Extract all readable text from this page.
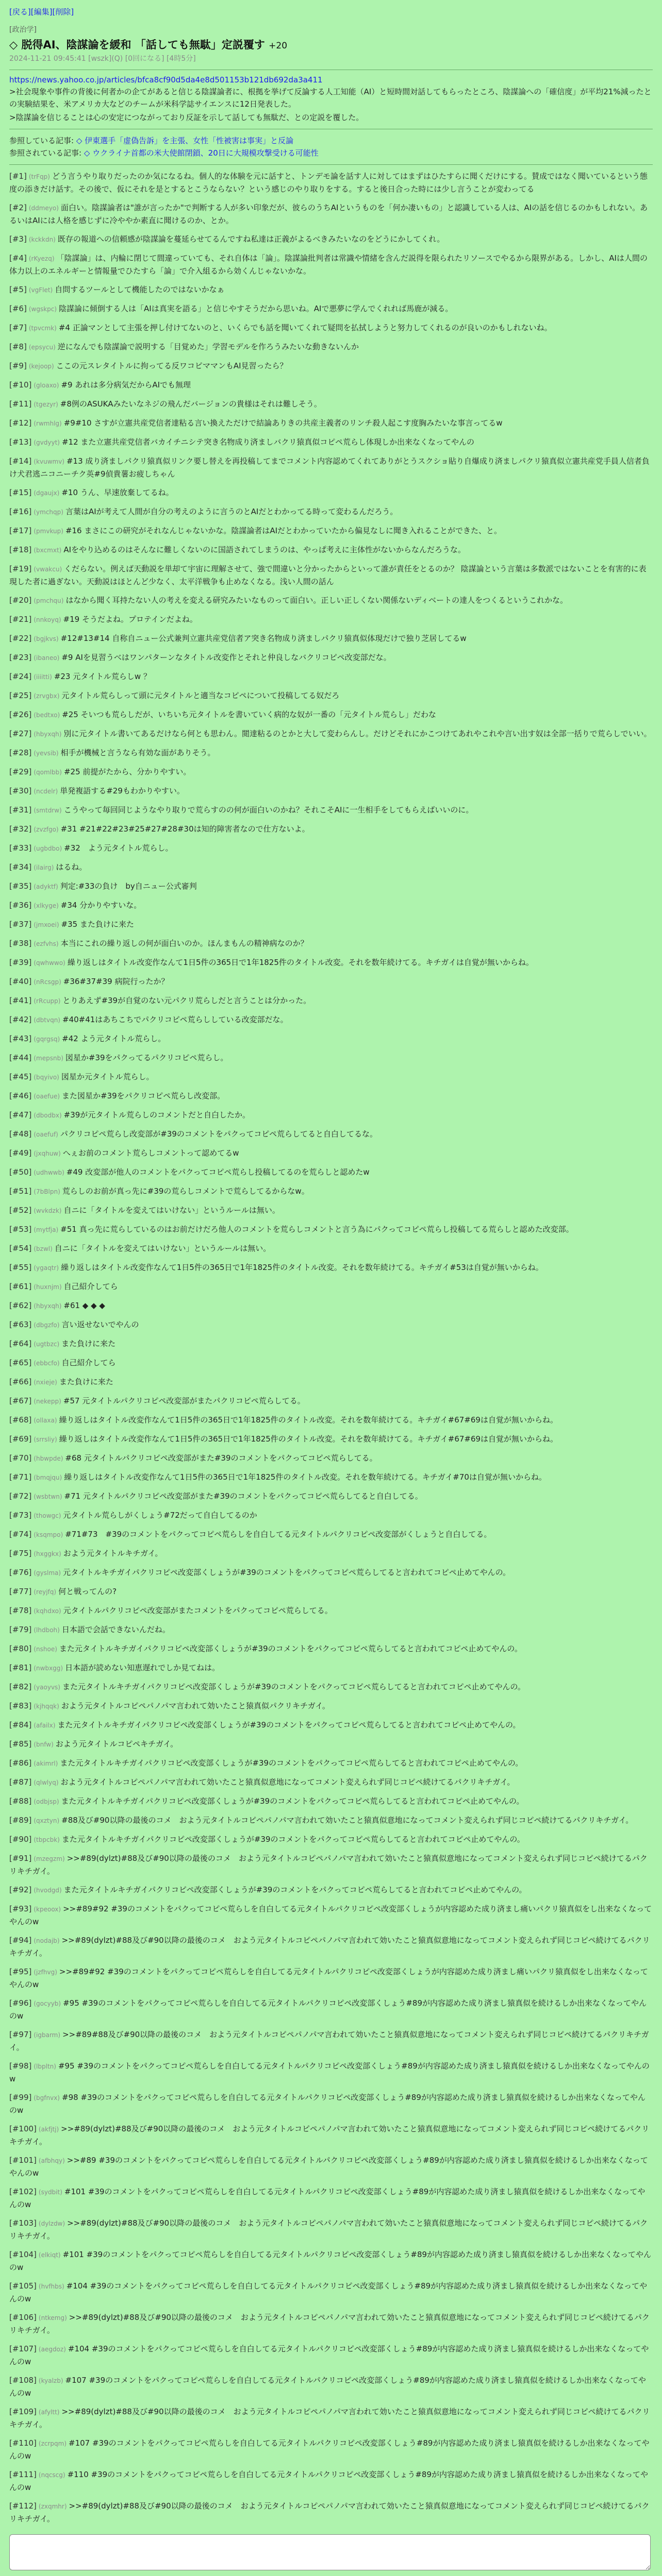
[戻る][編集][削除]
[政治学]
◇ 脱得AI、陰謀論を緩和 「話しても無駄」定説覆す +20
2024-11-21 09:45:41 [wszk](Q) [0回になる] [4時5分]
https://news.yahoo.co.jp/articles/bfca8cf90d5da4e8d501153b121db692da3a411

>社会現象や事件の背後に何者かの企てがあると信じる陰謀論者に、根拠を挙げて反論する人工知能（AI）と短時間対話してもらったところ、陰謀論への「確信度」が平均21%減ったとの実験結果を、米アメリカ大などのチームが米科学誌サイエンスに12日発表した。

>陰謀論を信じることは心の安定につながっており反証を示して話しても無駄だ、との定説を覆した。

参照している記事: ◇ 伊東選手「虚偽告訴」を主張、女性「性被害は事実」と反論
参照されている記事: ◇ ウクライナ首都の米大使館閉鎖、20日に大規模攻撃受ける可能性
[#1] (trFqp) どう言うやり取りだったのか気になるね。個人的な体験を元に話すと、トンデモ論を話す人に対してはまずはひたすらに聞くだけにする。賛成ではなく聞いているという態度の添きだけ話す。その後で、仮にそれを是とするとこうならない？という感じのやり取りをする。すると後日合った時には少し言うことが変わってる
[#2] (ddmeyo) 面白い。陰謀論者は"誰が言ったか"で判断する人が多い印象だが、彼らのうちAIというものを「何か凄いもの」と認識している人は、AIの話を信じるのかもしれない。あるいはAIには人格を感じずに冷ややか素直に聞けるのか、とか。
[#3] (kckkdn) 既存の報道への信頼感が陰謀論を蔓延らせてるんですね私達は正義がよるべきみたいなのをどうにかしてくれ。
[#4] (rKyezq) 「陰謀論」は、内輪に閉じて間違っていても、それ自体は「論」。陰謀論批判者は常識や情緒を含んだ説得を限られたリソースでやるから限界がある。しかし、AIは人間の体力以上のエネルギーと情報量でひたすら「論」で介入組るから効くんじゃないかな。
[#5] (vgFlet) 自問するツールとして機能したのではないかなぁ
[#6] (wgskpc) 陰謀論に傾倒する人は「AIは真実を語る」と信じやすそうだから思いね。AIで悪夢に学んでくれれば馬鹿が減る。
[#7] (tpvcmk) #4 正論マンとして主張を押し付けてないのと、いくらでも話を聞いてくれて疑問を払拭しようと努力してくれるのが良いのかもしれないね。
[#8] (epsycu) 逆になんでも陰謀論で説明する「目覚めた」学習モデルを作ろうみたいな動きないんか
[#9] (kejoop) ここの元スレタイトルに拘ってる反ワコピママンもAI見習ったら？
[#10] (gloaxo) #9 あれは多分病気だからAIでも無理
[#11] (tgezyr) #8例のASUKAみたいなネジの飛んだバージョンの貴様はそれは難しそう。
[#12] (rwmhlg) #9#10 さすが立憲共産党信者達粘る言い換えただけで結論ありきの共産主義者のリンチ殺人起こす度胸みたいな事言ってるw
[#13] (gvdyyt) #12 また立憲共産党信者バカイチニシテ突き名物成り済ましバクリ猿真似コピペ荒らし体現しか出来なくなってやんの
[#14] (kvuwmv) #13 成り済ましパクリ猿真似リンク要し替えを再投稿してまでコメント内容認めてくれてありがとうスクショ貼り自爆成り済ましパクリ猿真似立憲共産党手員人信者負け犬君逃ニコニーチク英#9偵貴薯お疲しちゃん
[#15] (dgaujx) #10 うん、早速放棄してるね。
[#16] (ymchqp) 言葉はAIが考えて人間が自分の考えのように言うのとAIだとわかってる時って変わるんだろう。
[#17] (pmvkup) #16 まさにこの研究がそれなんじゃないかな。陰謀論者はAIだとわかっていたから偏見なしに聞き入れることができた、と。
[#18] (bxcmxt) AIをやり込めるのはそんなに難しくないのに国語されてしまうのは、やっぱ考えに主体性がないからなんだろうな。
[#19] (vwakcu) くだらない。例えば天動説を単却て宇宙に理解させて、強で間違いと分かったからといって誰が責任をとるのか？ 陰謀論という言葉は多数派ではないことを有害的に表現した者に過ぎない。天動説はほとんど少なく、太平洋戦争も止めなくなる。浅い人間の話ん
[#20] (pmchqu) はなから聞く耳持たない人の考えを変える研究みたいなものって面白い。正しい正しくない関係ないディベートの達人をつくるというこれかな。
[#21] (nnkoyq) #19 そうだよね。プロテインだよね。
[#22] (bgjkvs) #12#13#14 自称自ニュー公式兼判立憲共産党信者ア突き名物成り済ましパクリ猿真似体現だけで独り芝居してるw
[#23] (ibaneo) #9 AIを見習うべはワンパターンなタイトル改変作とそれと仲良しなバクリコピペ改変部だな。
[#24] (iiiitti) #23 元タイトル荒らしw ？
[#25] (zrvgbx) 元タイトル荒らしって頭に元タイトルと適当なコピペについて投稿してる奴だろ
[#26] (bedtxo) #25 そいつも荒らしだが、いちいち元タイトルを書いていく病的な奴が一番の「元タイトル荒らし」だわな
[#27] (hbyxqh) 別に元タイトル書いてあるだけなら何とも思わん。閲達粘るのとかと大して変わらんし。だけどそれにかこつけてあれやこれや言い出す奴は全部一括りで荒らしでいい。
[#28] (yevsib) 相手が機械と言うなら有効な面がありそう。
[#29] (qomlbb) #25 前提がたから、分かりやすい。
[#30] (ncdelr) 単発複語する#29もわかりやすい。
[#31] (smtdrw) こうやって毎回同じようなやり取りで荒らすのの何が面白いのかね？それこそAIに一生相手をしてもらえばいいのに。
[#32] (zvzfgo) #31 #21#22#23#25#27#28#30は知的障害者なので仕方ないよ。
[#33] (ugbdbo) #32　よう元タイトル荒らし。
[#34] (ilairg) はるね。
[#35] (adyktf) 判定:#33の負け　by自ニュー公式審判
[#36] (xlkyge) #34 分かりやすいな。
[#37] (jmxoei) #35 また負けに来た
[#38] (ezfvhs) 本当にこれの繰り返しの何が面白いのか。ほんまもんの精神病なのか？
[#39] (qwhwwo) 繰り返しはタイトル改変作なんて1日5件の365日で1年1825件のタイトル改変。それを数年続けてる。キチガイは自覚が無いからね。
[#40] (nRcsgp) #36#37#39 病院行ったか？
[#41] (rRcupp) とりあえず#39が自覚のない元パクリ荒らしだと言うことは分かった。
[#42] (dbtvqn) #40#41はあちこちでパクリコピペ荒らししている改変部だな。
[#43] (gqrgsq) #42 よう元タイトル荒らし。
[#44] (mepsnb) 図星か#39をパクってるパクリコピペ荒らし。
[#45] (bqyivo) 図星か元タイトル荒らし。
[#46] (oaefue) また図星か#39をパクリコピペ荒らし改変部。
[#47] (dbodbx) #39が元タイトル荒らしのコメントだと自白したか。
[#48] (oaefuf) パクリコピペ荒らし改変部が#39のコメントをパクってコピペ荒らしてると自白してるな。
[#49] (jxqhuw) へぇお前のコメント荒らしコメントって認めてるw
[#50] (udhwwb) #49 改変部が他人のコメントをパクってコピペ荒らし投稿してるのを荒らしと認めたw
[#51] (7bBlpn) 荒らしのお前が真っ先に#39の荒らしコメントで荒らしてるからなw。
[#52] (wvkdzk) 自ニに「タイトルを変えてはいけない」というルールは無い。
[#53] (mytfja) #51 真っ先に荒らしているのはお前だけだろ他人のコメントを荒らしコメントと言う為にパクってコピペ荒らし投稿してる荒らしと認めた改変部。
[#54] (bzwl) 自ニに「タイトルを変えてはいけない」というルールは無い。
[#55] (ygaqtr) 繰り返しはタイトル改変作なんて1日5件の365日で1年1825件のタイトル改変。それを数年続けてる。キチガイ#53は自覚が無いからね。
[#61] (huxnjm) 自己紹介してら
[#62] (hbyxqh) #61 ◆ ◆ ◆
[#63] (dbgzfo) 言い返せないでやんの
[#64] (ugtbzc) また負けに来た
[#65] (ebbcfo) 自己紹介してら
[#66] (nxieje) また負けに来た
[#67] (nekepp) #57 元タイトルパクリコピペ改変部がまたパクリコピペ荒らしてる。
[#68] (ollaxa) 繰り返しはタイトル改変作なんて1日5件の365日で1年1825件のタイトル改変。それを数年続けてる。キチガイ#67#69は自覚が無いからね。
[#69] (srrsliy) 繰り返しはタイトル改変作なんて1日5件の365日で1年1825件のタイトル改変。それを数年続けてる。キチガイ#67#69は自覚が無いからね。
[#70] (hbwpde) #68 元タイトルパクリコピペ改変部がまた#39のコメントをパクってコピペ荒らしてる。
[#71] (bmqjqu) 繰り返しはタイトル改変作なんて1日5件の365日で1年1825件のタイトル改変。それを数年続けてる。キチガイ#70は自覚が無いからね。
[#72] (wsbtwn) #71 元タイトルパクリコピペ改変部がまた#39のコメントをパクってコピペ荒らしてると自白してる。
[#73] (thowgc) 元タイトル荒らしがくしょう#72だって自白してるのか
[#74] (ksqmpo) #71#73　#39のコメントをパクってコピペ荒らしを自白してる元タイトルパクリコピペ改変部がくしょうと自白してる。
[#75] (hxggkx) およう元タイトルキチガイ。
[#76] (gyslma) 元タイトルキチガイパクリコピペ改変部くしょうが#39のコメントをパクってコピペ荒らしてると言われてコピペ止めてやんの。
[#77] (reyjfq) 何と戦ってんの?
[#78] (kqhdxo) 元タイトルパクリコピペ改変部がまたコメントをパクってコピペ荒らしてる。
[#79] (lhdboh) 日本語で会話できないんだね。
[#80] (nshoe) また元タイトルキチガイパクリコピペ改変部くしょうが#39のコメントをパクってコピペ荒らしてると言われてコピペ止めてやんの。
[#81] (nwbxgg) 日本語が読めない知恵遅れでしか見てねは。
[#82] (yaoyvs) また元タイトルキチガイパクリコピペ改変部くしょうが#39のコメントをパクってコピペ荒らしてると言われてコピペ止めてやんの。
[#83] (kjhqqk) およう元タイトルコピペパノパマ言われて効いたこと猿真似パクリキチガイ。
[#84] (afailx) また元タイトルキチガイパクリコピペ改変部くしょうが#39のコメントをパクってコピペ荒らしてると言われてコピペ止めてやんの。
[#85] (bnfw) およう元タイトルコピペキチガイ。
[#86] (akimrl) また元タイトルキチガイパクリコピペ改変部くしょうが#39のコメントをパクってコピペ荒らしてると言われてコピペ止めてやんの。
[#87] (qlwlyq) およう元タイトルコピペパノパマ言われて効いたこと猿真似意地になってコメント変えられず同じコピペ続けてるパクリキチガイ。
[#88] (odbjsp) また元タイトルキチガイパクリコピペ改変部くしょうが#39のコメントをパクってコピペ荒らしてると言われてコピペ止めてやんの。
[#89] (qxztyn) #88及び#90以降の最後のコメ　およう元タイトルコピペパノパマ言われて効いたこと猿真似意地になってコメント変えられず同じコピペ続けてるパクリキチガイ。
[#90] (tbpcbk) また元タイトルキチガイパクリコピペ改変部くしょうが#39のコメントをパクってコピペ荒らしてると言われてコピペ止めてやんの。
[#91] (mzegzm) >>#89(dylzt)#88及び#90以降の最後のコメ　およう元タイトルコピペパノパマ言われて効いたこと猿真似意地になってコメント変えられず同じコピペ続けてるパクリキチガイ。
[#92] (hvodgd) また元タイトルキチガイパクリコピペ改変部くしょうが#39のコメントをパクってコピペ荒らしてると言われてコピペ止めてやんの。
[#93] (kpeoox) >>#89#92 #39のコメントをパクってコピペ荒らしを自白してる元タイトルパクリコピペ改変部くしょうが内容認めた成り済まし痛いパクリ猿真似をし出来なくなってやんのw
[#94] (nodajb) >>#89(dylzt)#88及び#90以降の最後のコメ　およう元タイトルコピペパノパマ言われて効いたこと猿真似意地になってコメント変えられず同じコピペ続けてるパクリキチガイ。
[#95] (jzfhvg) >>#89#92 #39のコメントをパクってコピペ荒らしを自白してる元タイトルパクリコピペ改変部くしょうが内容認めた成り済まし痛いパクリ猿真似をし出来なくなってやんのw
[#96] (gocyyb) #95 #39のコメントをパクってコピペ荒らしを自白してる元タイトルパクリコピペ改変部くしょう#89が内容認めた成り済まし猿真似を続けるしか出来なくなってやんのw
[#97] (igbarm) >>#89#88及び#90以降の最後のコメ　およう元タイトルコピペパノパマ言われて効いたこと猿真似意地になってコメント変えられず同じコピペ続けてるパクリキチガイ。
[#98] (lbpltn) #95 #39のコメントをパクってコピペ荒らしを自白してる元タイトルパクリコピペ改変部くしょう#89が内容認めた成り済まし猿真似を続けるしか出来なくなってやんのw
[#99] (bgfnvx) #98 #39のコメントをパクってコピペ荒らしを自白してる元タイトルパクリコピペ改変部くしょう#89が内容認めた成り済まし猿真似を続けるしか出来なくなってやんのw
[#100] (akfjtj) >>#89(dylzt)#88及び#90以降の最後のコメ　およう元タイトルコピペパノパマ言われて効いたこと猿真似意地になってコメント変えられず同じコピペ続けてるパクリキチガイ。
[#101] (afbhqy) >>#89 #39のコメントをパクってコピペ荒らしを自白してる元タイトルパクリコピペ改変部くしょう#89が内容認めた成り済まし猿真似を続けるしか出来なくなってやんのw
[#102] (sydbit) #101 #39のコメントをパクってコピペ荒らしを自白してる元タイトルパクリコピペ改変部くしょう#89が内容認めた成り済まし猿真似を続けるしか出来なくなってやんのw
[#103] (dylzdw) >>#89(dylzt)#88及び#90以降の最後のコメ　およう元タイトルコピペパノパマ言われて効いたこと猿真似意地になってコメント変えられず同じコピペ続けてるパクリキチガイ。
[#104] (elkiqt) #101 #39のコメントをパクってコピペ荒らしを自白してる元タイトルパクリコピペ改変部くしょう#89が内容認めた成り済まし猿真似を続けるしか出来なくなってやんのw
[#105] (hvfhbs) #104 #39のコメントをパクってコピペ荒らしを自白してる元タイトルパクリコピペ改変部くしょう#89が内容認めた成り済まし猿真似を続けるしか出来なくなってやんのw
[#106] (ntkemg) >>#89(dylzt)#88及び#90以降の最後のコメ　およう元タイトルコピペパノパマ言われて効いたこと猿真似意地になってコメント変えられず同じコピペ続けてるパクリキチガイ。
[#107] (aegdoz) #104 #39のコメントをパクってコピペ荒らしを自白してる元タイトルパクリコピペ改変部くしょう#89が内容認めた成り済まし猿真似を続けるしか出来なくなってやんのw
[#108] (kyalzb) #107 #39のコメントをパクってコピペ荒らしを自白してる元タイトルパクリコピペ改変部くしょう#89が内容認めた成り済まし猿真似を続けるしか出来なくなってやんのw
[#109] (afyltt) >>#89(dylzt)#88及び#90以降の最後のコメ　およう元タイトルコピペパノパマ言われて効いたこと猿真似意地になってコメント変えられず同じコピペ続けてるパクリキチガイ。
[#110] (zcrpqm) #107 #39のコメントをパクってコピペ荒らしを自白してる元タイトルパクリコピペ改変部くしょう#89が内容認めた成り済まし猿真似を続けるしか出来なくなってやんのw
[#111] (nqcscg) #110 #39のコメントをパクってコピペ荒らしを自白してる元タイトルパクリコピペ改変部くしょう#89が内容認めた成り済まし猿真似を続けるしか出来なくなってやんのw
[#112] (zxqmhr) >>#89(dylzt)#88及び#90以降の最後のコメ　およう元タイトルコピペパノパマ言われて効いたこと猿真似意地になってコメント変えられず同じコピペ続けてるパクリキチガイ。
